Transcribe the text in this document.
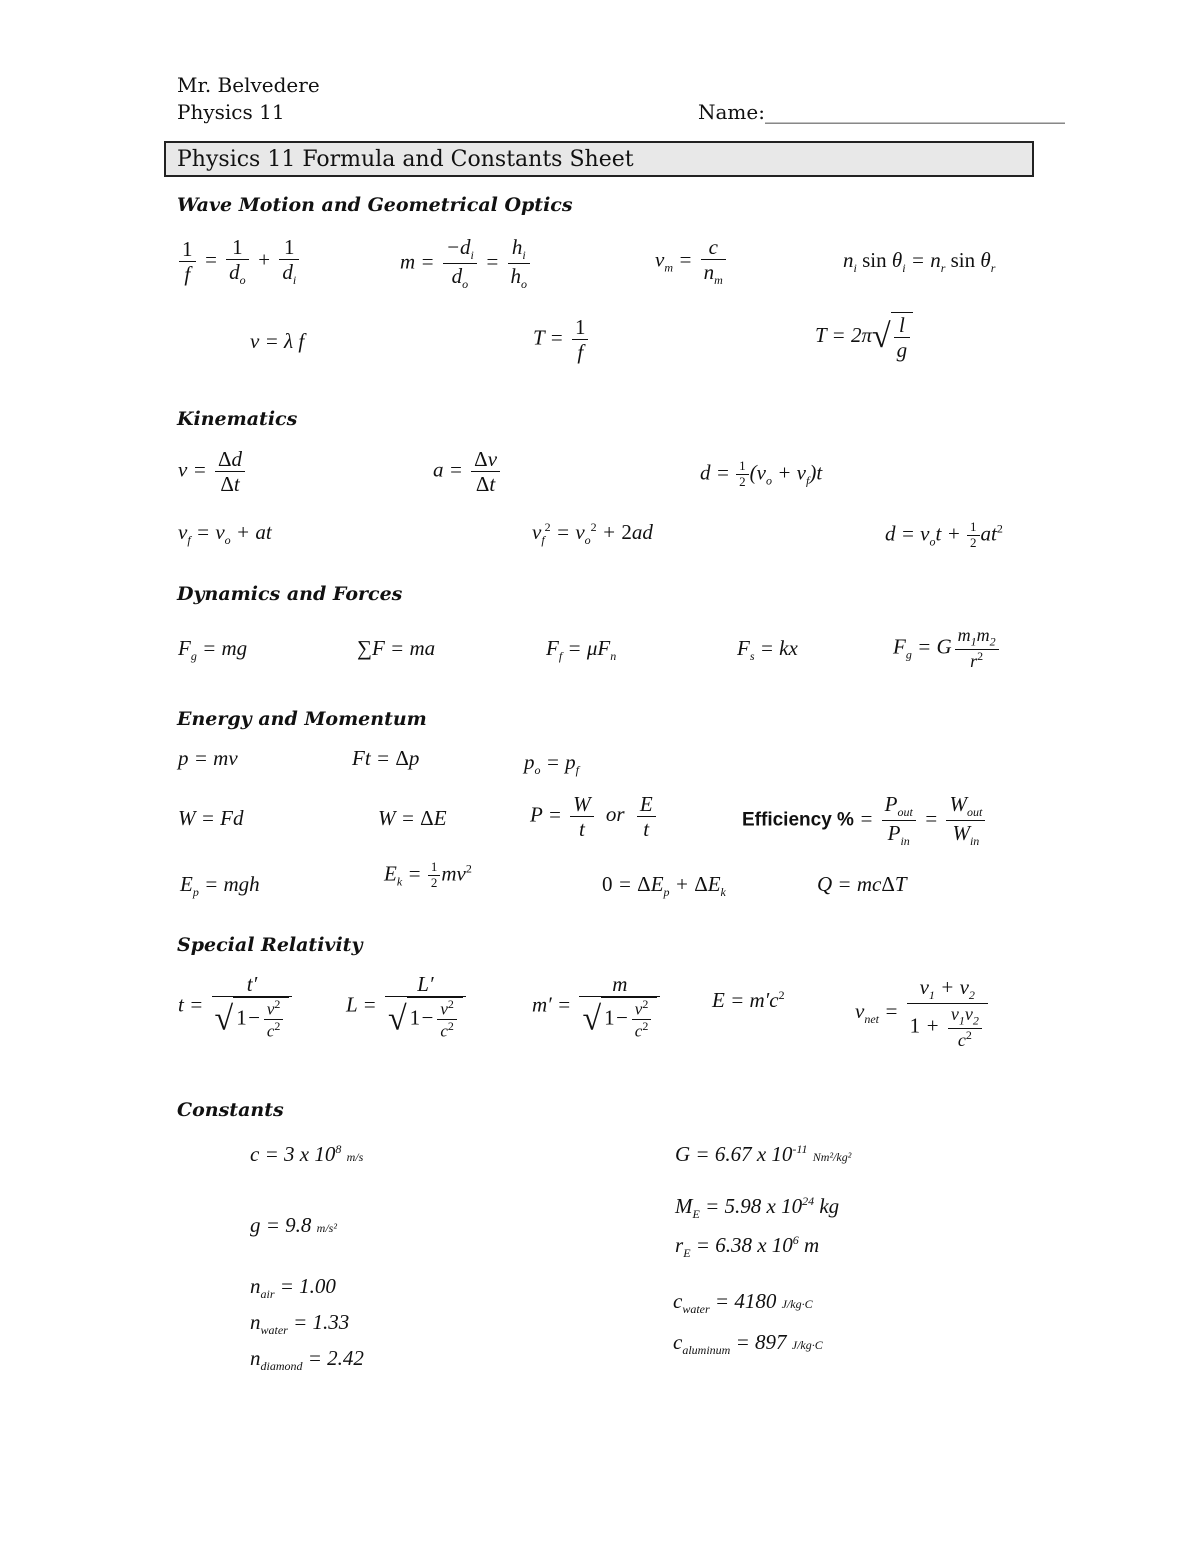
Mr. Belvedere
Physics 11	Name:______________________________
Physics 11 Formula and Constants Sheet
Wave Motion and Geometrical Optics
$\frac{1}{f} = \frac{1}{d_o} + \frac{1}{d_i}$	$m = \frac{-d_i}{d_o} = \frac{h_i}{h_o}$	$v_m = \frac{c}{n_m}$	$n_i$ $\sin \theta_i = n_r$ $\sin \theta_r$
v = λ f	$T = \frac{1}{f}$	$T = 2\pi√ \frac{l}{g}$
Kinematics
$v = \frac{\Delta d}{\Delta t}$	$a = \frac{\Delta v}{\Delta t}$	$d = \frac{1}{2} (v_o + v_f)t$
$v_f = v_o$ + at	$v_f^2 = v_o^2 + 2ad$	$d = v_ot + \frac{1}{2} at^2$
Dynamics and Forces
$F_g$ = mg	∑F = ma	$F_f = \mu F_n$	$F_s$ = kx	$F_g = G \frac{m_1m_2}{r^2}$
Energy and Momentum
p = mv	Ft = Δp	$p_o = p_f$
W = Fd	W = ΔE	$P = \frac{W}{t}$ or $\frac{E}{t}$	Efficiency % = $\frac{P_{out}}{P_{in}} = \frac{W_{out}}{W_{in}}$
$E_p$ = mgh	$E_k = \frac{1}{2} mv^2$
$0 = \Delta E_p + \Delta E_k$	Q = mcΔT
Special Relativity
$t = \frac{t'}{√ 1- \frac{v^2}{c^2}}$	$L = \frac{L'}{√ 1- \frac{v^2}{c^2}}$	$m' = \frac{m}{√ 1- \frac{v^2}{c^2}}$ $E = m'c^2$
$v_{net} = \frac{v_1 + v_2}{1 + \frac{v_1v_2}{c^2}}$
Constants
c = 3 x $10^8$ m/s	G = 6.67 x $10^{-11}$ Nm²/kg²
g = 9.8 m/s²
$M_E = 5.98$ x $10^{24}$ kg
$r_E = 6.38$ x $10^6$ m
$n_{air} = 1.00$
$n_{water} = 1.33$
$n_{diamond} = 2.42$
$c_{water} = 4180$ J/kg·C
$c_{aluminum} = 897$ J/kg·C
